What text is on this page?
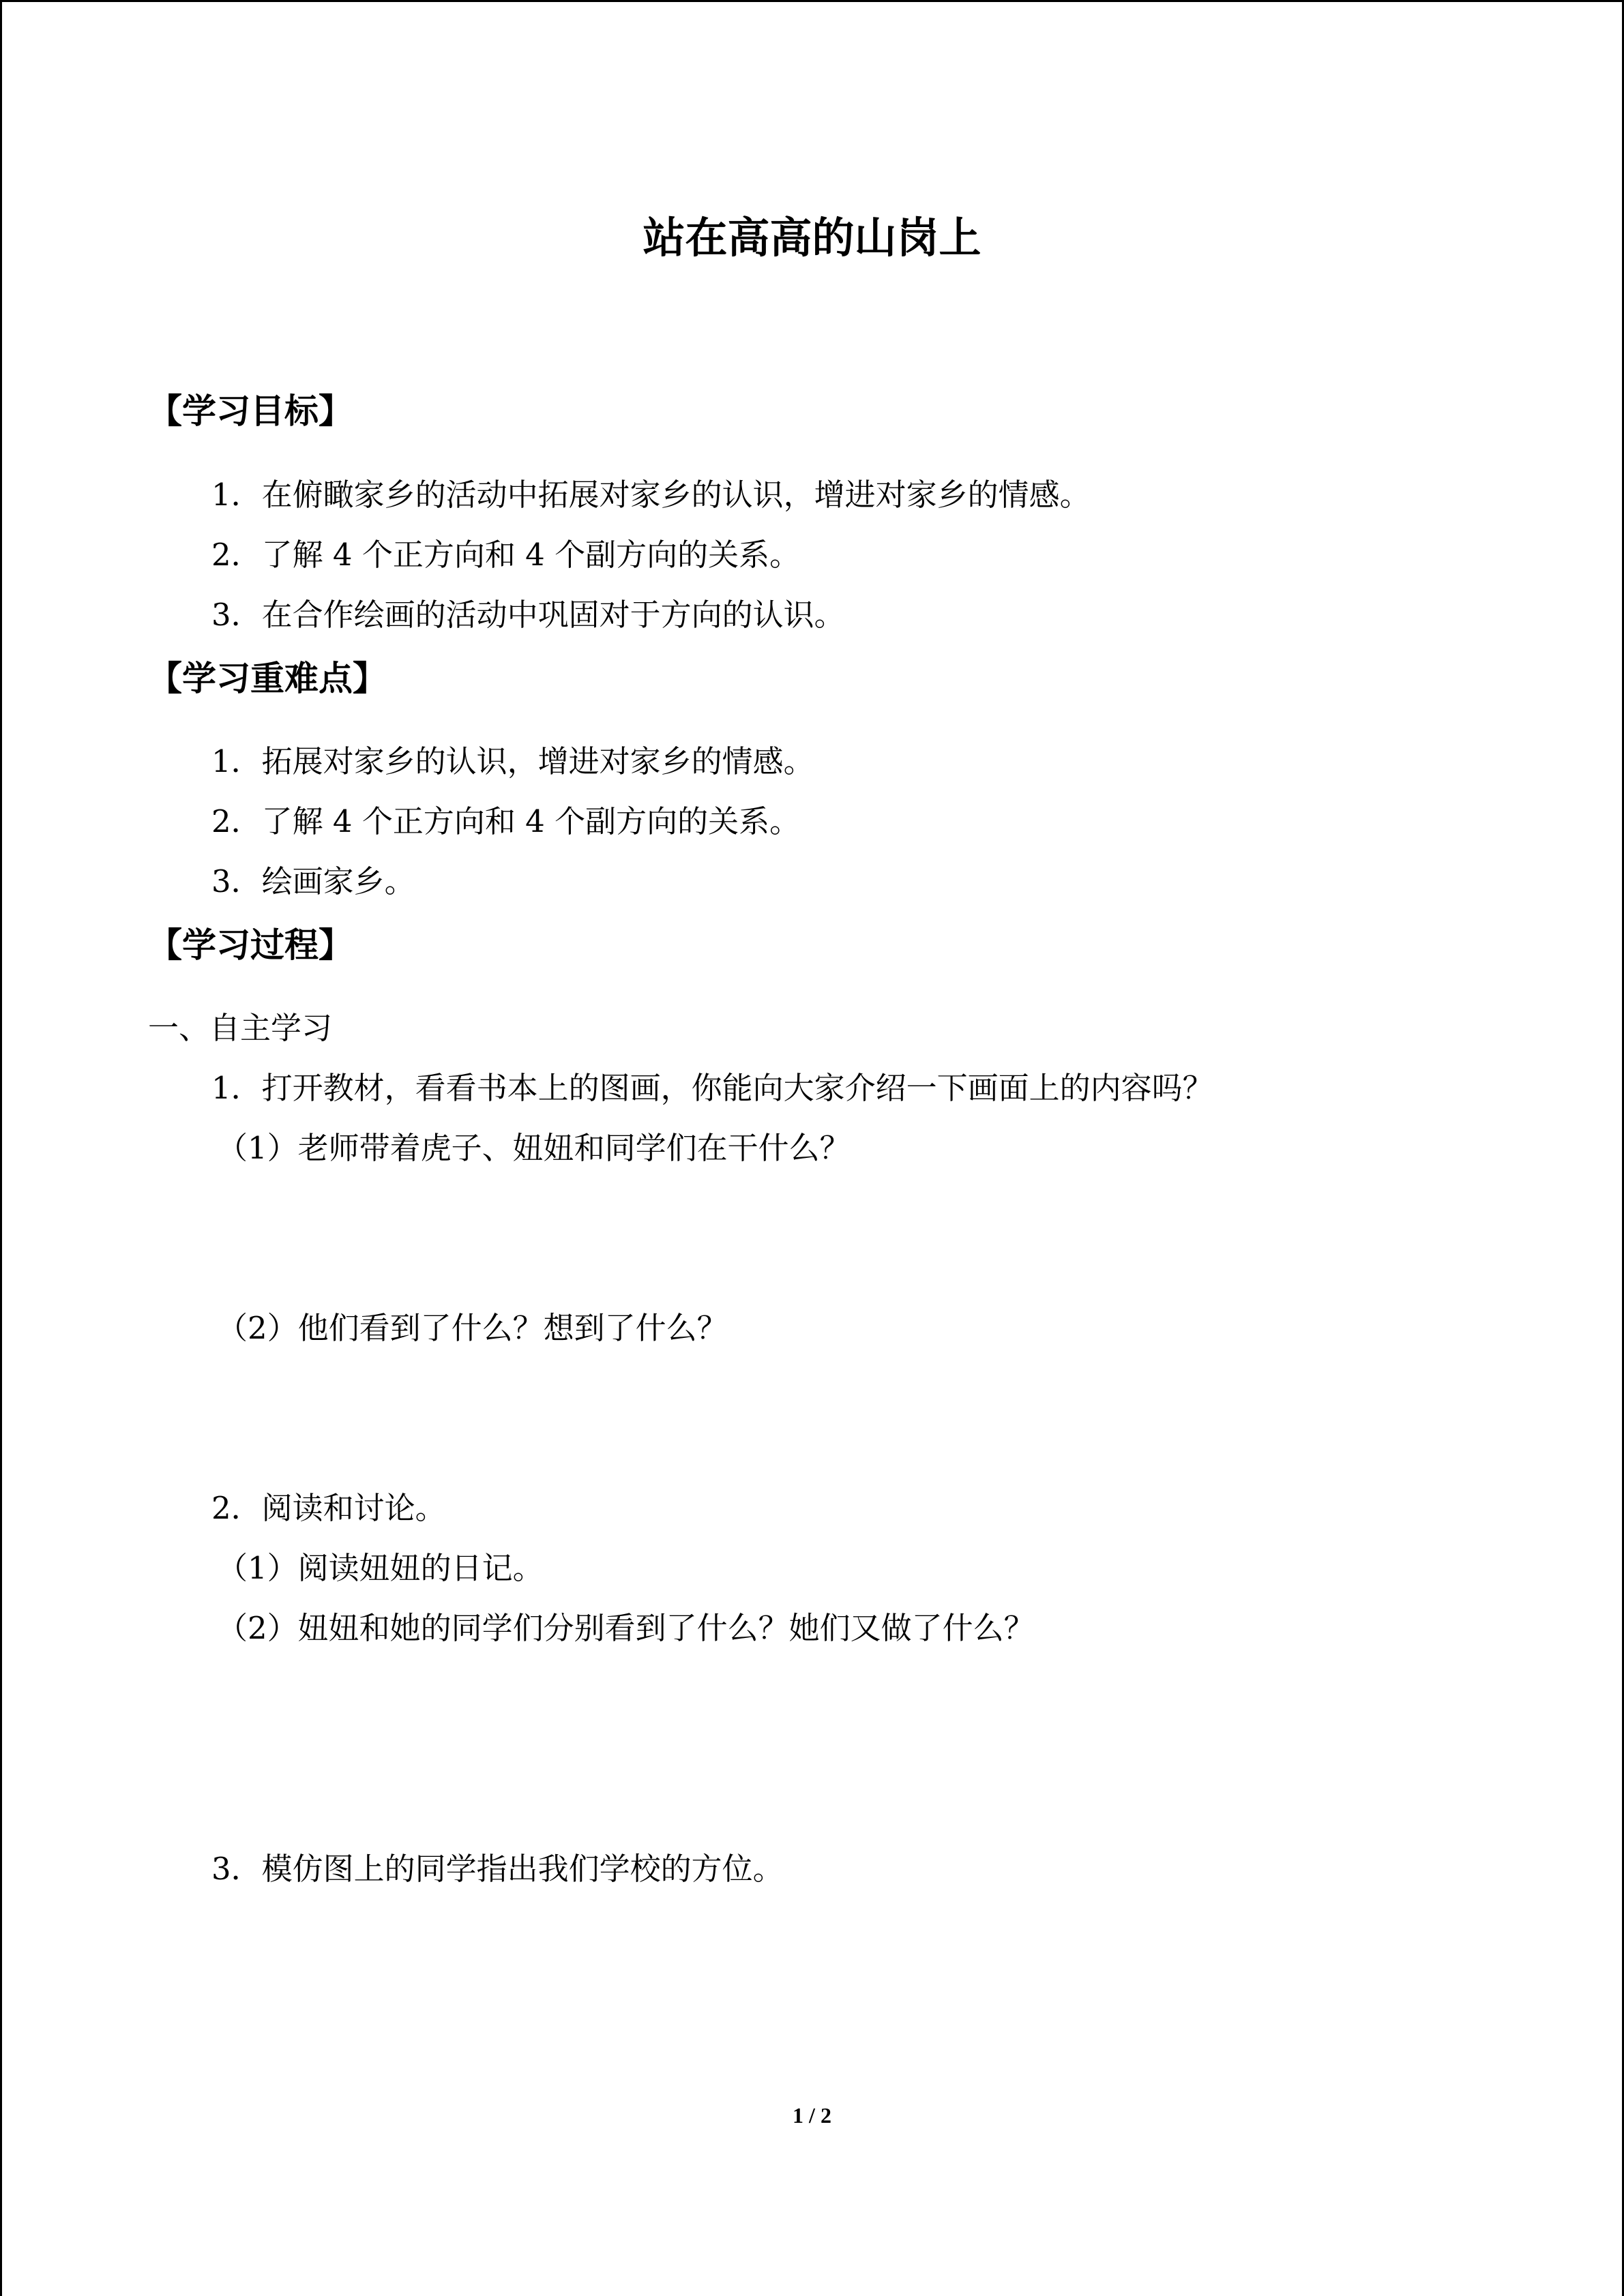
站在高高的山岗上
【学习目标】
1．在俯瞰家乡的活动中拓展对家乡的认识，增进对家乡的情感。
2．了解 4 个正方向和 4 个副方向的关系。
3．在合作绘画的活动中巩固对于方向的认识。
【学习重难点】
1．拓展对家乡的认识，增进对家乡的情感。
2．了解 4 个正方向和 4 个副方向的关系。
3．绘画家乡。
【学习过程】
一、自主学习
1．打开教材，看看书本上的图画，你能向大家介绍一下画面上的内容吗？
（1）老师带着虎子、妞妞和同学们在干什么？
（2）他们看到了什么？想到了什么？
2．阅读和讨论。
（1）阅读妞妞的日记。
（2）妞妞和她的同学们分别看到了什么？她们又做了什么？
3．模仿图上的同学指出我们学校的方位。
1 / 2
